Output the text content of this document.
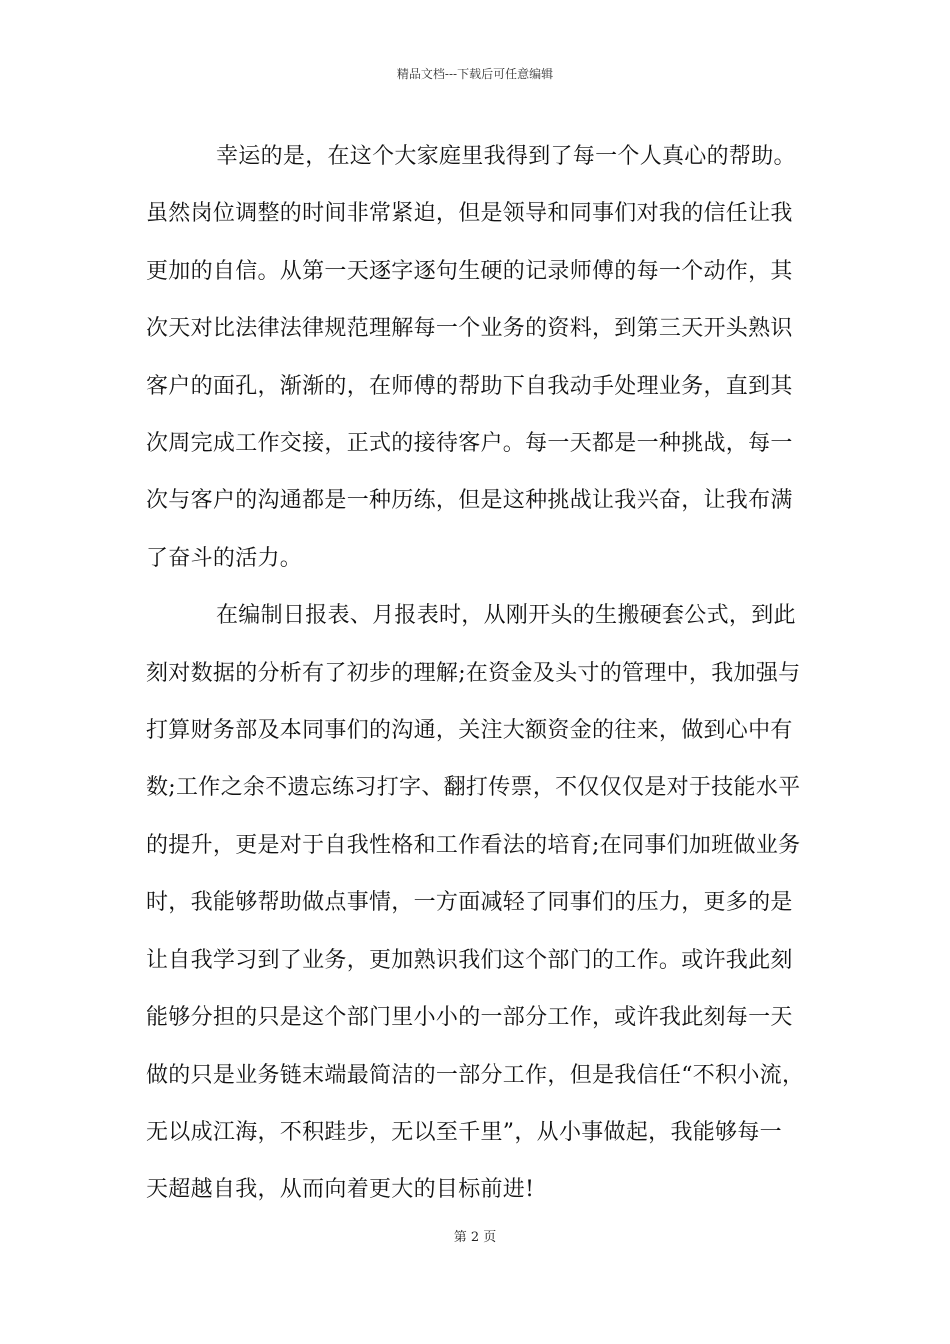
精品文档---下载后可任意编辑

幸运的是，在这个大家庭里我得到了每一个人真心的帮助。
虽然岗位调整的时间非常紧迫，但是领导和同事们对我的信任让我
更加的自信。从第一天逐字逐句生硬的记录师傅的每一个动作，其
次天对比法律法律规范理解每一个业务的资料，到第三天开头熟识
客户的面孔，渐渐的，在师傅的帮助下自我动手处理业务，直到其
次周完成工作交接，正式的接待客户。每一天都是一种挑战，每一
次与客户的沟通都是一种历练，但是这种挑战让我兴奋，让我布满
了奋斗的活力。

在编制日报表、月报表时，从刚开头的生搬硬套公式，到此
刻对数据的分析有了初步的理解;在资金及头寸的管理中，我加强与
打算财务部及本同事们的沟通，关注大额资金的往来，做到心中有
数;工作之余不遗忘练习打字、翻打传票，不仅仅仅是对于技能水平
的提升，更是对于自我性格和工作看法的培育;在同事们加班做业务
时，我能够帮助做点事情，一方面减轻了同事们的压力，更多的是
让自我学习到了业务，更加熟识我们这个部门的工作。或许我此刻
能够分担的只是这个部门里小小的一部分工作，或许我此刻每一天
做的只是业务链末端最简洁的一部分工作，但是我信任“不积小流，
无以成江海，不积跬步，无以至千里”，从小事做起，我能够每一
天超越自我，从而向着更大的目标前进!

第 2 页
